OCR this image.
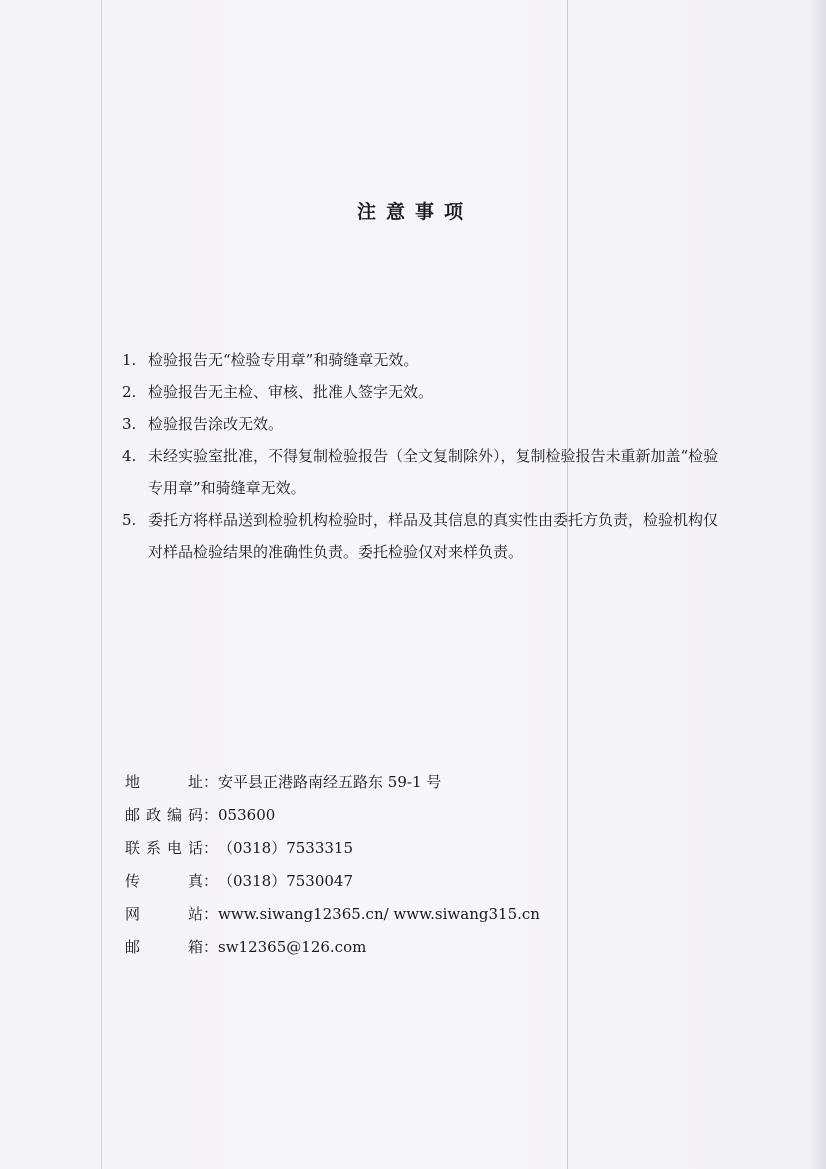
注意事项
1. 检验报告无“检验专用章”和骑缝章无效。
2. 检验报告无主检、审核、批准人签字无效。
3. 检验报告涂改无效。
4. 未经实验室批准，不得复制检验报告（全文复制除外），复制检验报告未重新加盖“检验专用章”和骑缝章无效。
5. 委托方将样品送到检验机构检验时，样品及其信息的真实性由委托方负责，检验机构仅对样品检验结果的准确性负责。委托检验仅对来样负责。
地址 ： 安平县正港路南经五路东 59-1 号
邮政编码 ： 053600
联系电话 ： （0318）7533315
传真 ： （0318）7530047
网站 ： www.siwang12365.cn/ www.siwang315.cn
邮箱 ： sw12365@126.com
